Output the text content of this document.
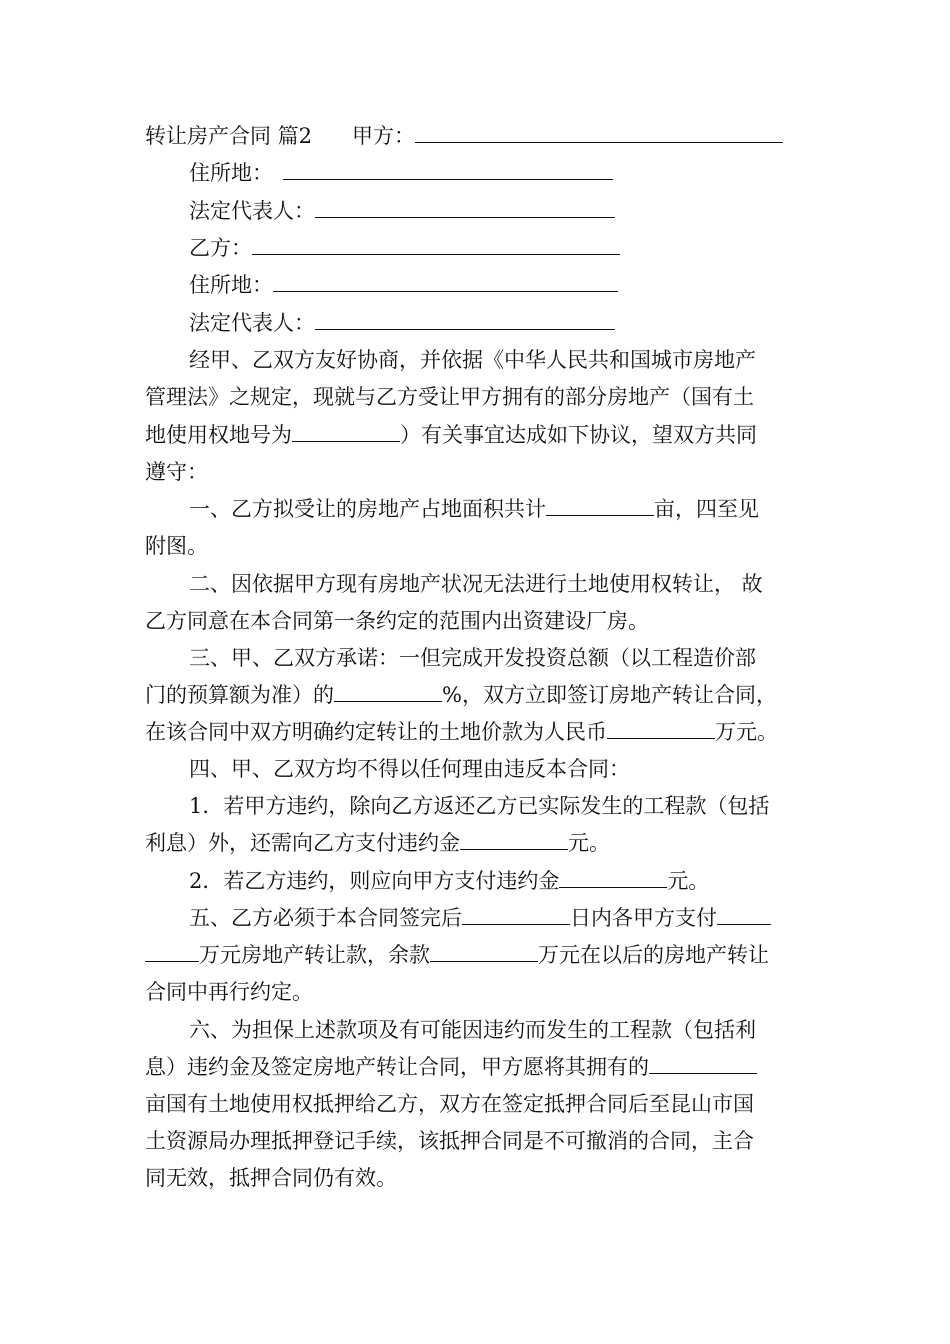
转让房产合同 篇2 甲方：
住所地：
法定代表人：
乙方：
住所地：
法定代表人：
经甲、乙双方友好协商，并依据《中华人民共和国城市房地产
管理法》之规定，现就与乙方受让甲方拥有的部分房地产（国有土
地使用权地号为	）有关事宜达成如下协议，望双方共同
遵守：
一、乙方拟受让的房地产占地面积共计	亩，四至见
附图。
二、因依据甲方现有房地产状况无法进行土地使用权转让， 故
乙方同意在本合同第一条约定的范围内出资建设厂房。
三、甲、乙双方承诺：一但完成开发投资总额（以工程造价部
门的预算额为准）的	%，双方立即签订房地产转让合同，
在该合同中双方明确约定转让的土地价款为人民币	万元。
四、甲、乙双方均不得以任何理由违反本合同：
1．若甲方违约，除向乙方返还乙方已实际发生的工程款（包括
利息）外，还需向乙方支付违约金	元。
2．若乙方违约，则应向甲方支付违约金	元。
五、乙方必须于本合同签完后	日内各甲方支付
万元房地产转让款，余款	万元在以后的房地产转让
合同中再行约定。
六、为担保上述款项及有可能因违约而发生的工程款（包括利
息）违约金及签定房地产转让合同，甲方愿将其拥有的
亩国有土地使用权抵押给乙方，双方在签定抵押合同后至昆山市国
土资源局办理抵押登记手续，该抵押合同是不可撤消的合同，主合
同无效，抵押合同仍有效。
